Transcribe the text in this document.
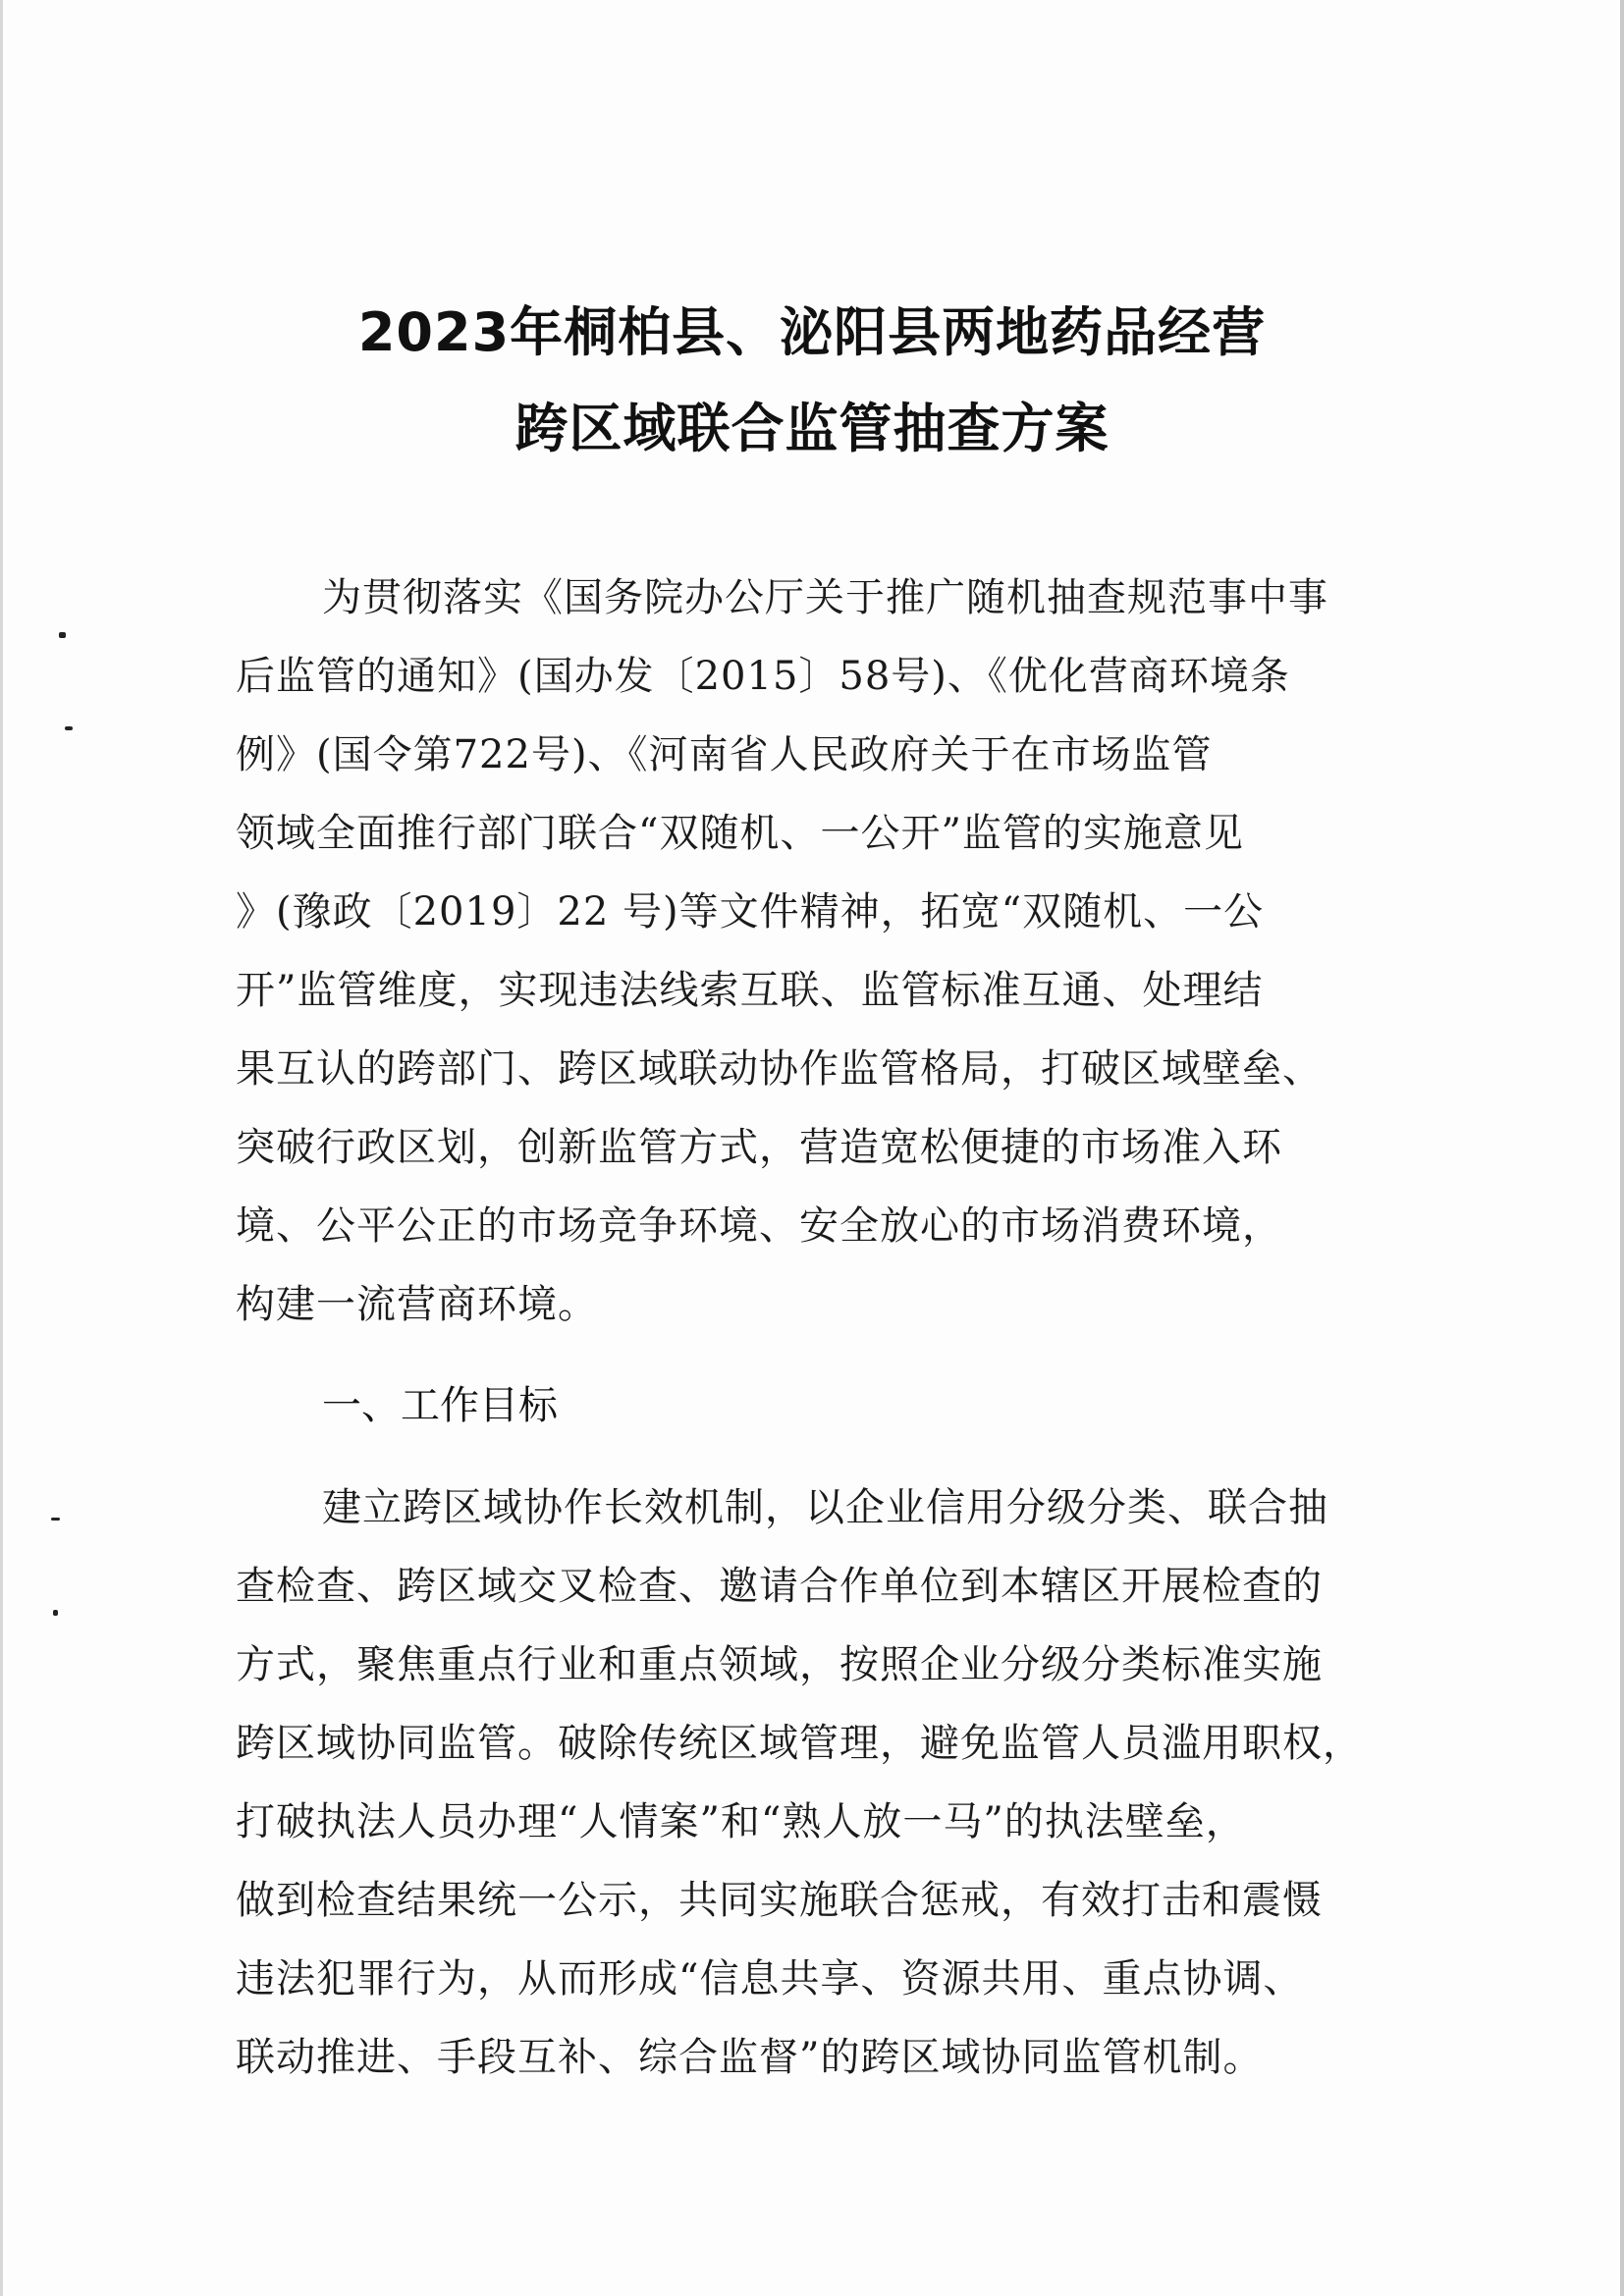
2023年桐柏县、泌阳县两地药品经营
跨区域联合监管抽查方案
为贯彻落实《国务院办公厅关于推广随机抽查规范事中事
后监管的通知》(国办发〔2015〕58号)、《优化营商环境条
例》(国令第722号)、《河南省人民政府关于在市场监管
领域全面推行部门联合“双随机、一公开”监管的实施意见
》(豫政〔2019〕22 号)等文件精神，拓宽“双随机、一公
开”监管维度，实现违法线索互联、监管标准互通、处理结
果互认的跨部门、跨区域联动协作监管格局，打破区域壁垒、
突破行政区划，创新监管方式，营造宽松便捷的市场准入环
境、公平公正的市场竞争环境、安全放心的市场消费环境，
构建一流营商环境。
一、工作目标
建立跨区域协作长效机制，以企业信用分级分类、联合抽
查检查、跨区域交叉检查、邀请合作单位到本辖区开展检查的
方式，聚焦重点行业和重点领域，按照企业分级分类标准实施
跨区域协同监管。破除传统区域管理，避免监管人员滥用职权，
打破执法人员办理“人情案”和“熟人放一马”的执法壁垒，
做到检查结果统一公示，共同实施联合惩戒，有效打击和震慑
违法犯罪行为，从而形成“信息共享、资源共用、重点协调、
联动推进、手段互补、综合监督”的跨区域协同监管机制。
